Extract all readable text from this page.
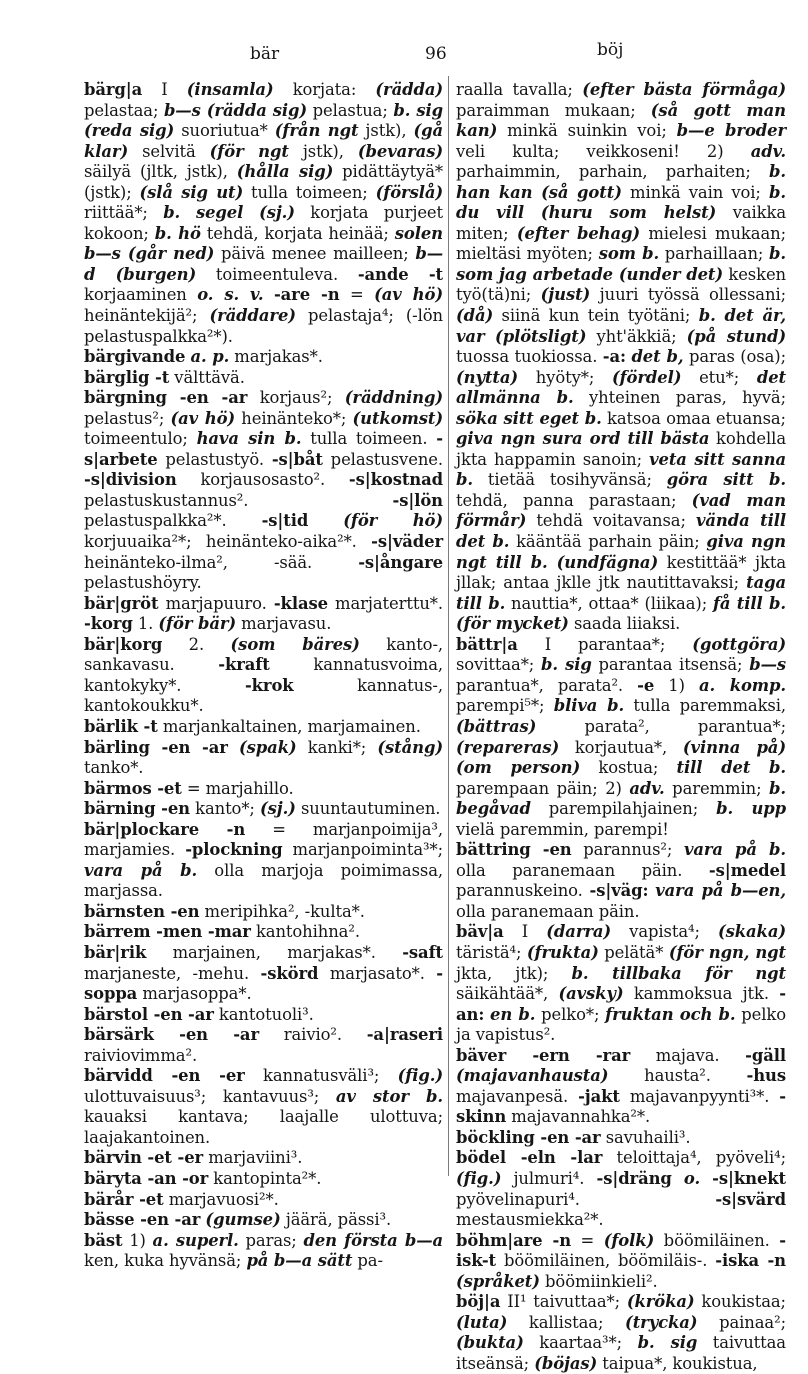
bär	96	böj

bärg|a I (insamla) korjata: (rädda) pelastaa; b—s (rädda sig) pelastua; b. sig (reda sig) suoriutua* (från ngt jstk), (gå klar) selvitä (för ngt jstk), (bevaras) säilyä (jltk, jstk), (hålla sig) pidättäytyä* (jstk); (slå sig ut) tulla toimeen; (förslå) riittää*; b. segel (sj.) korjata purjeet kokoon; b. hö tehdä, korjata heinää; solen b—s (går ned) päivä menee mailleen; b—d (burgen) toimeentuleva. -ande -t korjaaminen o. s. v. -are -n = (av hö) heinäntekijä²; (räddare) pelastaja⁴; (-lön pelastuspalkka²*).

bärgivande a. p. marjakas*.

bärglig -t välttävä.

bärgning -en -ar korjaus²; (räddning) pelastus²; (av hö) heinänteko*; (utkomst) toimeentulo; hava sin b. tulla toimeen. -s|arbete pelastustyö. -s|båt pelastusvene. -s|division korjausosasto². -s|kostnad pelastuskustannus². -s|lön pelastuspalkka²*. -s|tid (för hö) korjuuaika²*; heinänteko-aika²*. -s|väder heinänteko-ilma², -sää. -s|ångare pelastushöyry.

bär|gröt marjapuuro. -klase marjaterttu*. -korg 1. (för bär) marjavasu.

bär|korg 2. (som bäres) kanto-, sankavasu. -kraft kannatusvoima, kantokyky*. -krok kannatus-, kantokoukku*.

bärlik -t marjankaltainen, marjamainen.

bärling -en -ar (spak) kanki*; (stång) tanko*.

bärmos -et = marjahillo.

bärning -en kanto*; (sj.) suuntautuminen.

bär|plockare -n = marjanpoimija³, marjamies. -plockning marjanpoiminta³*; vara på b. olla marjoja poimimassa, marjassa.

bärnsten -en meripihka², -kulta*.

bärrem -men -mar kantohihna².

bär|rik marjainen, marjakas*. -saft marjaneste, -mehu. -skörd marjasato*. -soppa marjasoppa*.

bärstol -en -ar kantotuoli³.

bärsärk -en -ar raivio². -a|raseri raiviovimma².

bärvidd -en -er kannatusväli³; (fig.) ulottuvaisuus³; kantavuus³; av stor b. kauaksi kantava; laajalle ulottuva; laajakantoinen.

bärvin -et -er marjaviini³.

bäryta -an -or kantopinta²*.

bärår -et marjavuosi²*.

bässe -en -ar (gumse) jäärä, pässi³.

bäst 1) a. superl. paras; den första b—a ken, kuka hyvänsä; på b—a sätt pa-

raalla tavalla; (efter bästa förmåga) paraimman mukaan; (så gott man kan) minkä suinkin voi; b—e broder veli kulta; veikkoseni! 2) adv. parhaimmin, parhain, parhaiten; b. han kan (så gott) minkä vain voi; b. du vill (huru som helst) vaikka miten; (efter behag) mielesi mukaan; mieltäsi myöten; som b. parhaillaan; b. som jag arbetade (under det) kesken työ(tä)ni; (just) juuri työssä ollessani; (då) siinä kun tein työtäni; b. det är, var (plötsligt) yht'äkkiä; (på stund) tuossa tuokiossa. -a: det b, paras (osa); (nytta) hyöty*; (fördel) etu*; det allmänna b. yhteinen paras, hyvä; söka sitt eget b. katsoa omaa etuansa; giva ngn sura ord till bästa kohdella jkta happamin sanoin; veta sitt sanna b. tietää tosihyvänsä; göra sitt b. tehdä, panna parastaan; (vad man förmår) tehdä voitavansa; vända till det b. kääntää parhain päin; giva ngn ngt till b. (undfägna) kestittää* jkta jllak; antaa jklle jtk nautittavaksi; taga till b. nauttia*, ottaa* (liikaa); få till b. (för mycket) saada liiaksi.

bättr|a I parantaa*; (gottgöra) sovittaa*; b. sig parantaa itsensä; b—s parantua*, parata². -e 1) a. komp. parempi⁵*; bliva b. tulla paremmaksi, (bättras) parata², parantua*; (repareras) korjautua*, (vinna på) (om person) kostua; till det b. parempaan päin; 2) adv. paremmin; b. begåvad parempilahjainen; b. upp vielä paremmin, parempi!

bättring -en parannus²; vara på b. olla paranemaan päin. -s|medel parannuskeino. -s|väg: vara på b—en, olla paranemaan päin.

bäv|a I (darra) vapista⁴; (skaka) täristä⁴; (frukta) pelätä* (för ngn, ngt jkta, jtk); b. tillbaka för ngt säikähtää*, (avsky) kammoksua jtk. -an: en b. pelko*; fruktan och b. pelko ja vapistus².

bäver -ern -rar majava. -gäll (majavanhausta) hausta². -hus majavanpesä. -jakt majavanpyynti³*. -skinn majavannahka²*.

böckling -en -ar savuhaili³.

bödel -eln -lar teloittaja⁴, pyöveli⁴; (fig.) julmuri⁴. -s|dräng o. -s|knekt pyövelinapuri⁴. -s|svärd mestausmiekka²*.

böhm|are -n = (folk) böömiläinen. -isk-t böömiläinen, böömiläis-. -iska -n (språket) böömiinkieli².

böj|a II¹ taivuttaa*; (kröka) koukistaa; (luta) kallistaa; (trycka) painaa²; (bukta) kaartaa³*; b. sig taivuttaa itseänsä; (böjas) taipua*, koukistua,
